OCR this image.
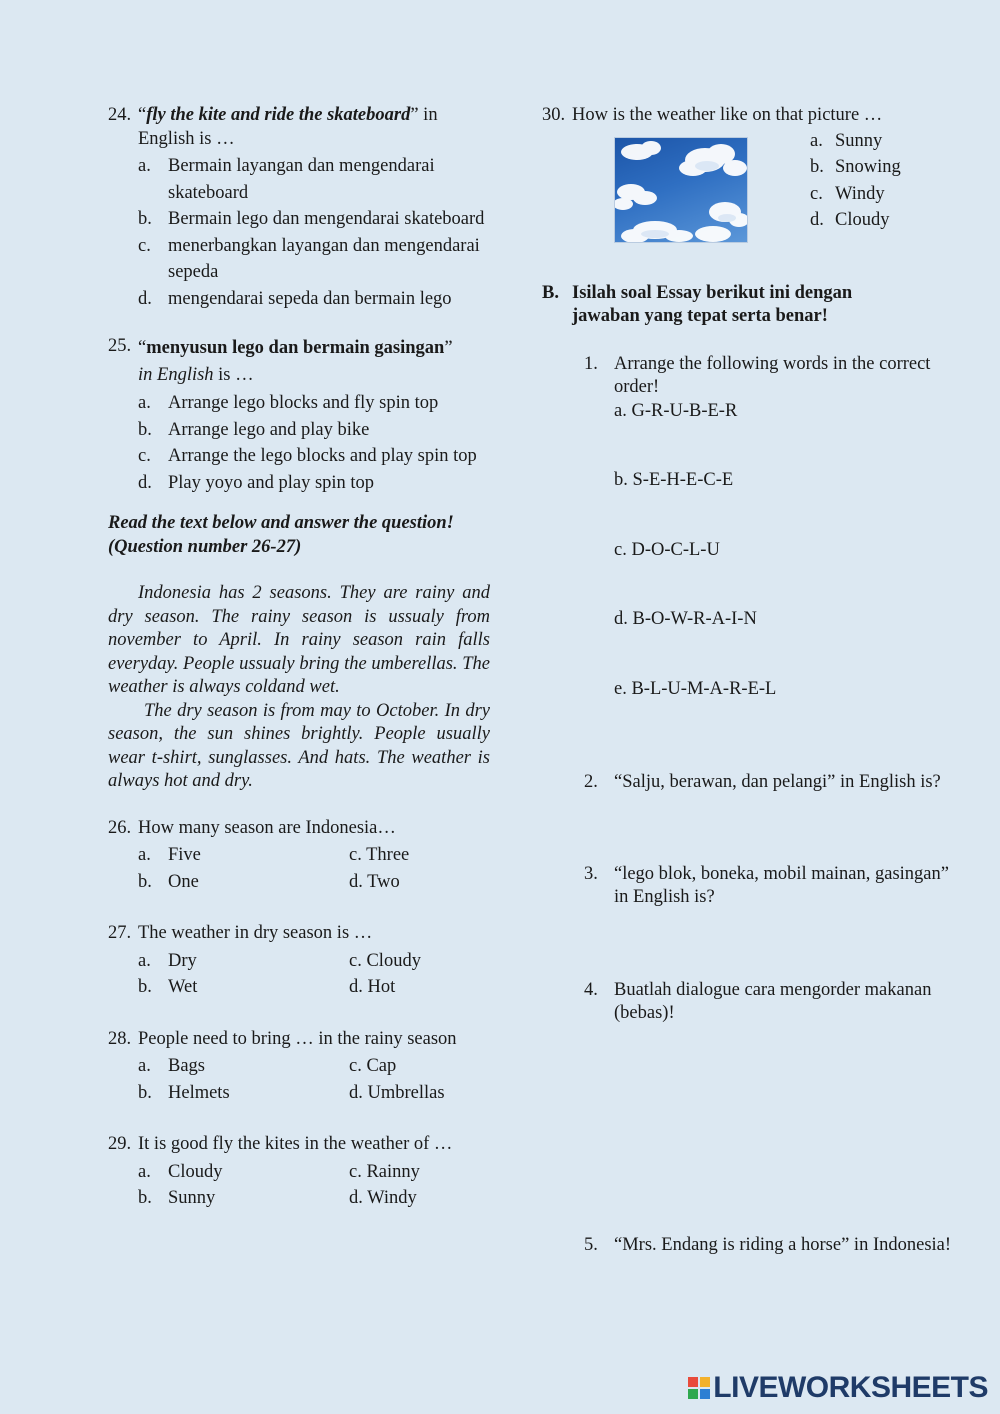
24. “fly the kite and ride the skateboard” in
English is …
a. Bermain layangan dan mengendarai skateboard
b. Bermain lego dan mengendarai skateboard
c. menerbangkan layangan dan mengendarai sepeda
d. mengendarai sepeda dan bermain lego
25. “menyusun lego dan bermain gasingan”
in English is …
a. Arrange lego blocks and fly spin top
b. Arrange lego and play bike
c. Arrange the lego blocks and play spin top
d. Play yoyo and play spin top
Read the text below and answer the question!
(Question number 26-27)

Indonesia has 2 seasons. They are rainy and dry season. The rainy season is ussualy from november to April. In rainy season rain falls everyday. People ussualy bring the umberellas. The weather is always coldand wet.

The dry season is from may to October. In dry season, the sun shines brightly. People usually wear t-shirt, sunglasses. And hats. The weather is always hot and dry.

26. How many season are Indonesia…
a. Five	c. Three
b. One	d. Two
27. The weather in dry season is …
a. Dry	c. Cloudy
b. Wet	d. Hot
28. People need to bring … in the rainy season
a. Bags	c. Cap
b. Helmets	d. Umbrellas
29. It is good fly the kites in the weather of …
a. Cloudy	c. Rainny
b. Sunny	d. Windy
30. How is the weather like on that picture …
a. Sunny
b. Snowing
c. Windy
d. Cloudy
B. Isilah soal Essay berikut ini dengan
jawaban yang tepat serta benar!
1. Arrange the following words in the correct order!
a. G-R-U-B-E-R
b. S-E-H-E-C-E
c. D-O-C-L-U
d. B-O-W-R-A-I-N
e. B-L-U-M-A-R-E-L
2. “Salju, berawan, dan pelangi” in English is?
3. “lego blok, boneka, mobil mainan, gasingan” in English is?
4. Buatlah dialogue cara mengorder makanan (bebas)!
5. “Mrs. Endang is riding a horse” in Indonesia!
LIVEWORKSHEETS
